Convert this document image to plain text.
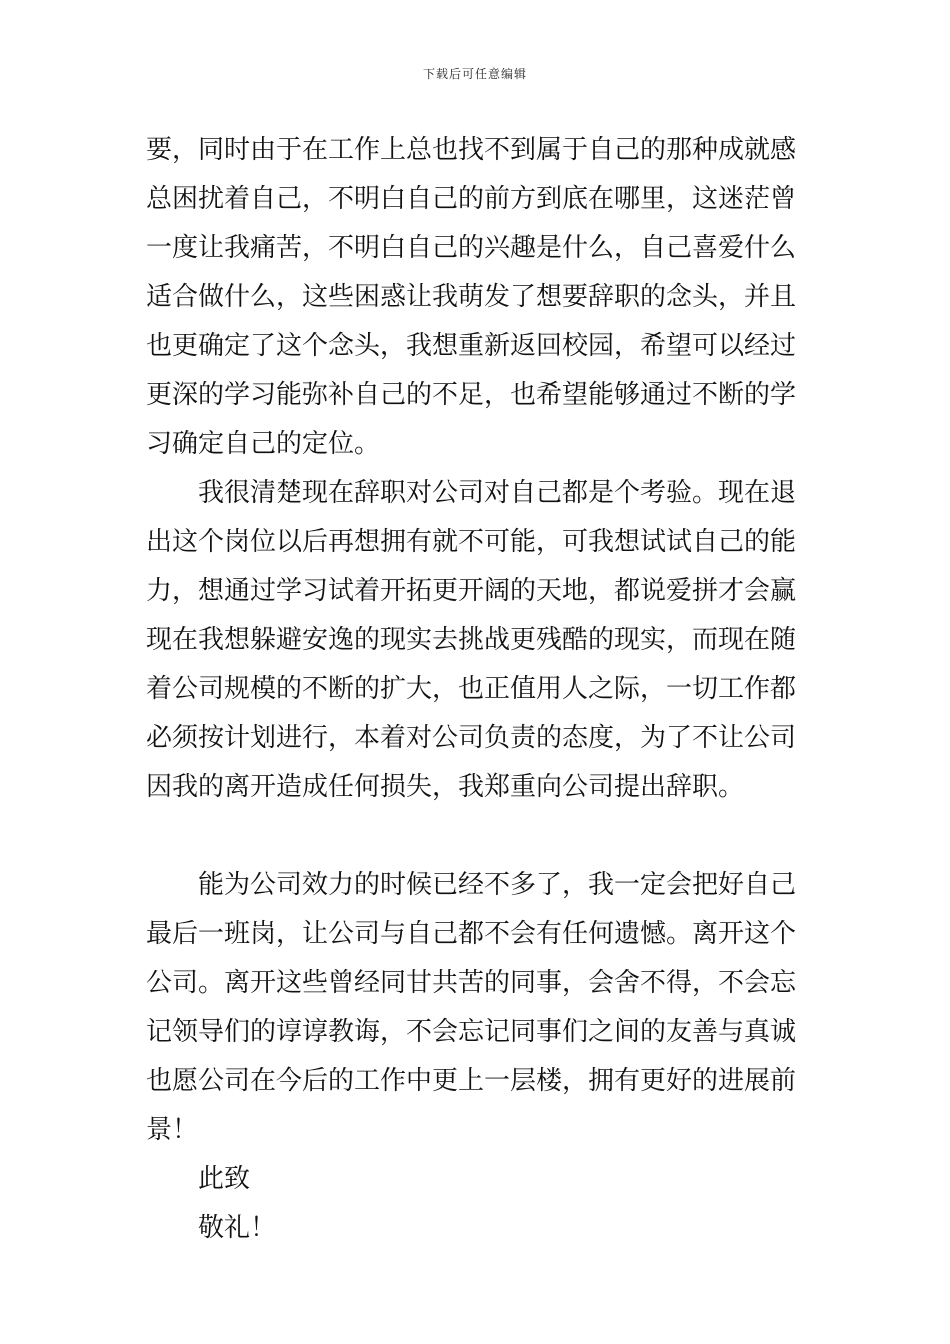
下载后可任意编辑
要，同时由于在工作上总也找不到属于自己的那种成就感
总困扰着自己，不明白自己的前方到底在哪里，这迷茫曾
一度让我痛苦，不明白自己的兴趣是什么，自己喜爱什么
适合做什么，这些困惑让我萌发了想要辞职的念头，并且
也更确定了这个念头，我想重新返回校园，希望可以经过
更深的学习能弥补自己的不足，也希望能够通过不断的学
习确定自己的定位。
我很清楚现在辞职对公司对自己都是个考验。现在退
出这个岗位以后再想拥有就不可能，可我想试试自己的能
力，想通过学习试着开拓更开阔的天地，都说爱拼才会赢
现在我想躲避安逸的现实去挑战更残酷的现实，而现在随
着公司规模的不断的扩大，也正值用人之际，一切工作都
必须按计划进行，本着对公司负责的态度，为了不让公司
因我的离开造成任何损失，我郑重向公司提出辞职。
能为公司效力的时候已经不多了，我一定会把好自己
最后一班岗，让公司与自己都不会有任何遗憾。离开这个
公司。离开这些曾经同甘共苦的同事，会舍不得，不会忘
记领导们的谆谆教诲，不会忘记同事们之间的友善与真诚
也愿公司在今后的工作中更上一层楼，拥有更好的进展前
景！
此致
敬礼！
